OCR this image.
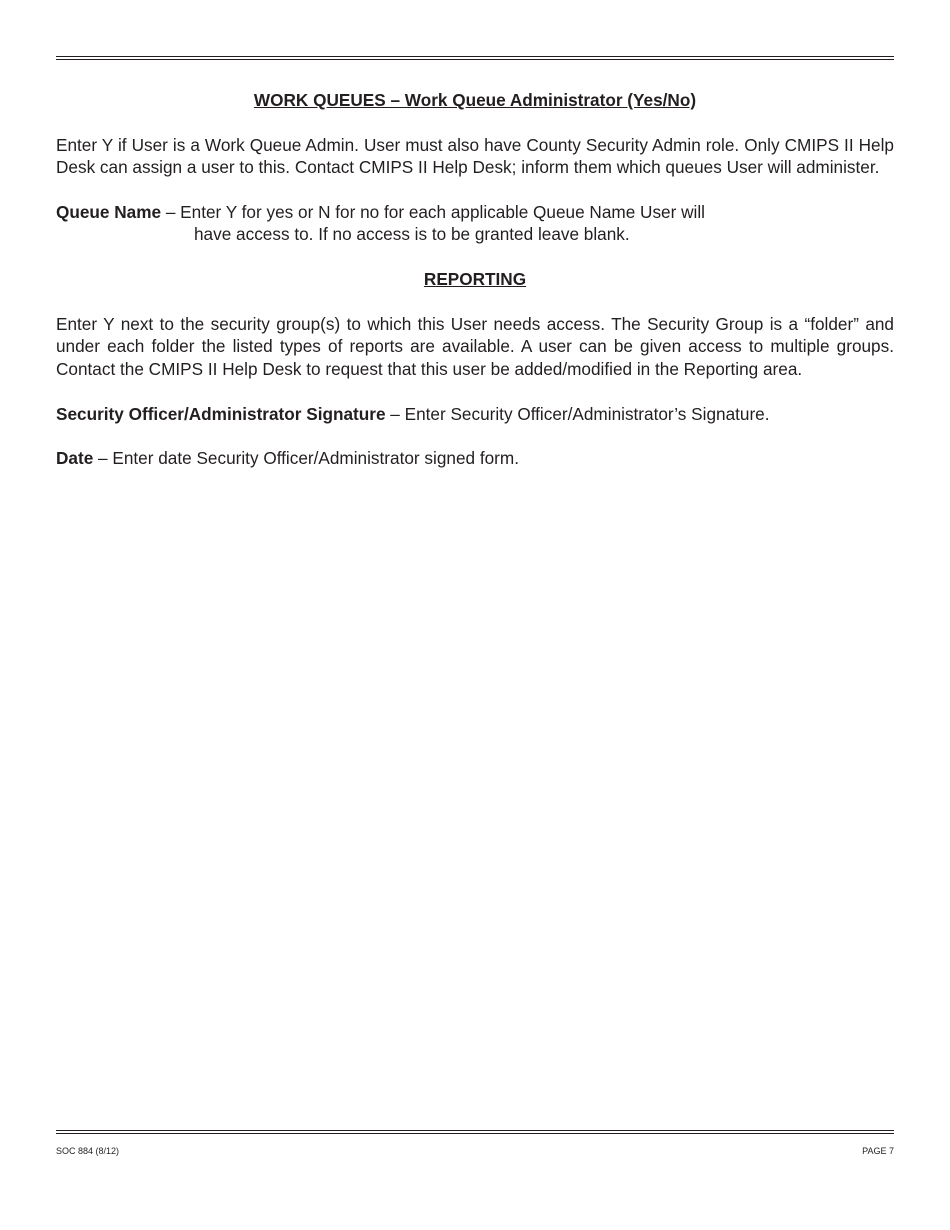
WORK QUEUES – Work Queue Administrator (Yes/No)

Enter Y if User is a Work Queue Admin. User must also have County Security Admin role. Only CMIPS II Help Desk can assign a user to this. Contact CMIPS II Help Desk; inform them which queues User will administer.

Queue Name – Enter Y for yes or N for no for each applicable Queue Name User will

have access to. If no access is to be granted leave blank.

REPORTING

Enter Y next to the security group(s) to which this User needs access. The Security Group is a “folder” and under each folder the listed types of reports are available. A user can be given access to multiple groups. Contact the CMIPS II Help Desk to request that this user be added/modified in the Reporting area.

Security Officer/Administrator Signature – Enter Security Officer/Administrator’s Signature.

Date – Enter date Security Officer/Administrator signed form.

SOC 884 (8/12)	PAGE 7
